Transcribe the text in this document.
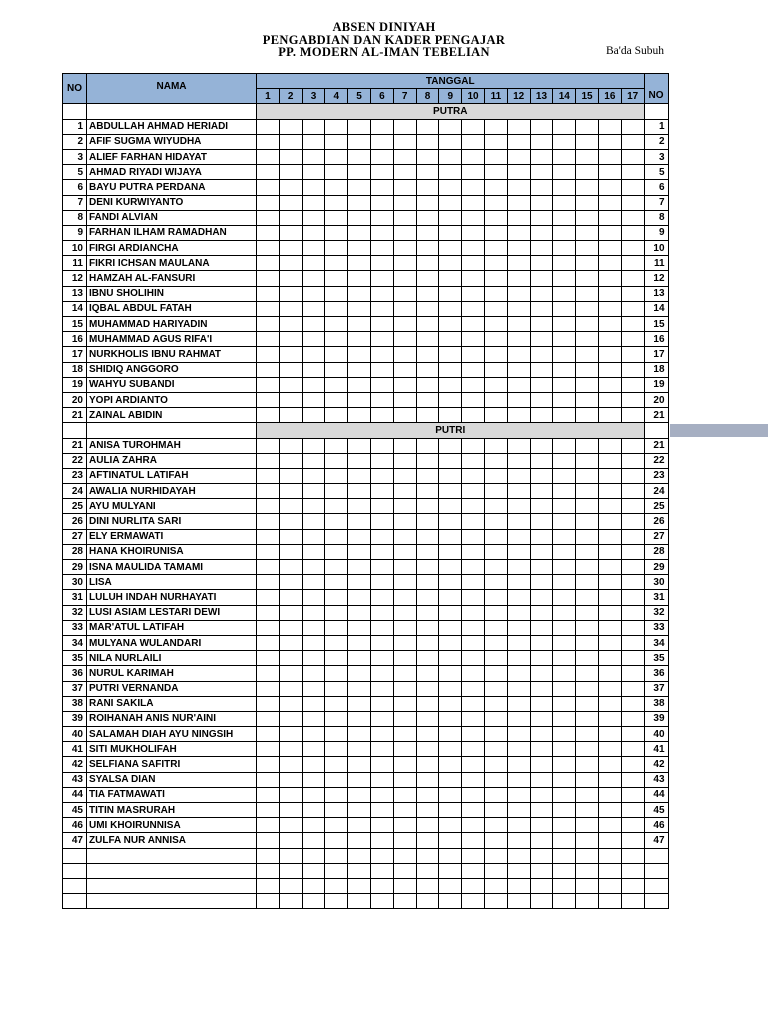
ABSEN DINIYAH
PENGABDIAN DAN KADER PENGAJAR
PP. MODERN AL-IMAN TEBELIAN	Ba'da Subuh
NO	NAMA	TANGGAL																	NO
		1	2	3	4	5	6	7	8	9	10	11	12	13	14	15	16	17	
		PUTRA																	
1	ABDULLAH AHMAD HERIADI																		1
2	AFIF SUGMA WIYUDHA																		2
3	ALIEF FARHAN HIDAYAT																		3
5	AHMAD RIYADI WIJAYA																		5
6	BAYU PUTRA PERDANA																		6
7	DENI KURWIYANTO																		7
8	FANDI ALVIAN																		8
9	FARHAN ILHAM RAMADHAN																		9
10	FIRGI ARDIANCHA																		10
11	FIKRI ICHSAN MAULANA																		11
12	HAMZAH AL-FANSURI																		12
13	IBNU SHOLIHIN																		13
14	IQBAL ABDUL FATAH																		14
15	MUHAMMAD HARIYADIN																		15
16	MUHAMMAD AGUS RIFA'I																		16
17	NURKHOLIS IBNU RAHMAT																		17
18	SHIDIQ ANGGORO																		18
19	WAHYU SUBANDI																		19
20	YOPI ARDIANTO																		20
21	ZAINAL ABIDIN																		21
		PUTRI																	
21	ANISA TUROHMAH																		21
22	AULIA ZAHRA																		22
23	AFTINATUL LATIFAH																		23
24	AWALIA NURHIDAYAH																		24
25	AYU MULYANI																		25
26	DINI NURLITA SARI																		26
27	ELY ERMAWATI																		27
28	HANA KHOIRUNISA																		28
29	ISNA MAULIDA TAMAMI																		29
30	LISA																		30
31	LULUH INDAH NURHAYATI																		31
32	LUSI ASIAM LESTARI DEWI																		32
33	MAR'ATUL LATIFAH																		33
34	MULYANA WULANDARI																		34
35	NILA NURLAILI																		35
36	NURUL KARIMAH																		36
37	PUTRI VERNANDA																		37
38	RANI SAKILA																		38
39	ROIHANAH ANIS NUR'AINI																		39
40	SALAMAH DIAH AYU NINGSIH																		40
41	SITI MUKHOLIFAH																		41
42	SELFIANA SAFITRI																		42
43	SYALSA DIAN																		43
44	TIA FATMAWATI																		44
45	TITIN MASRURAH																		45
46	UMI KHOIRUNNISA																		46
47	ZULFA NUR ANNISA																		47
